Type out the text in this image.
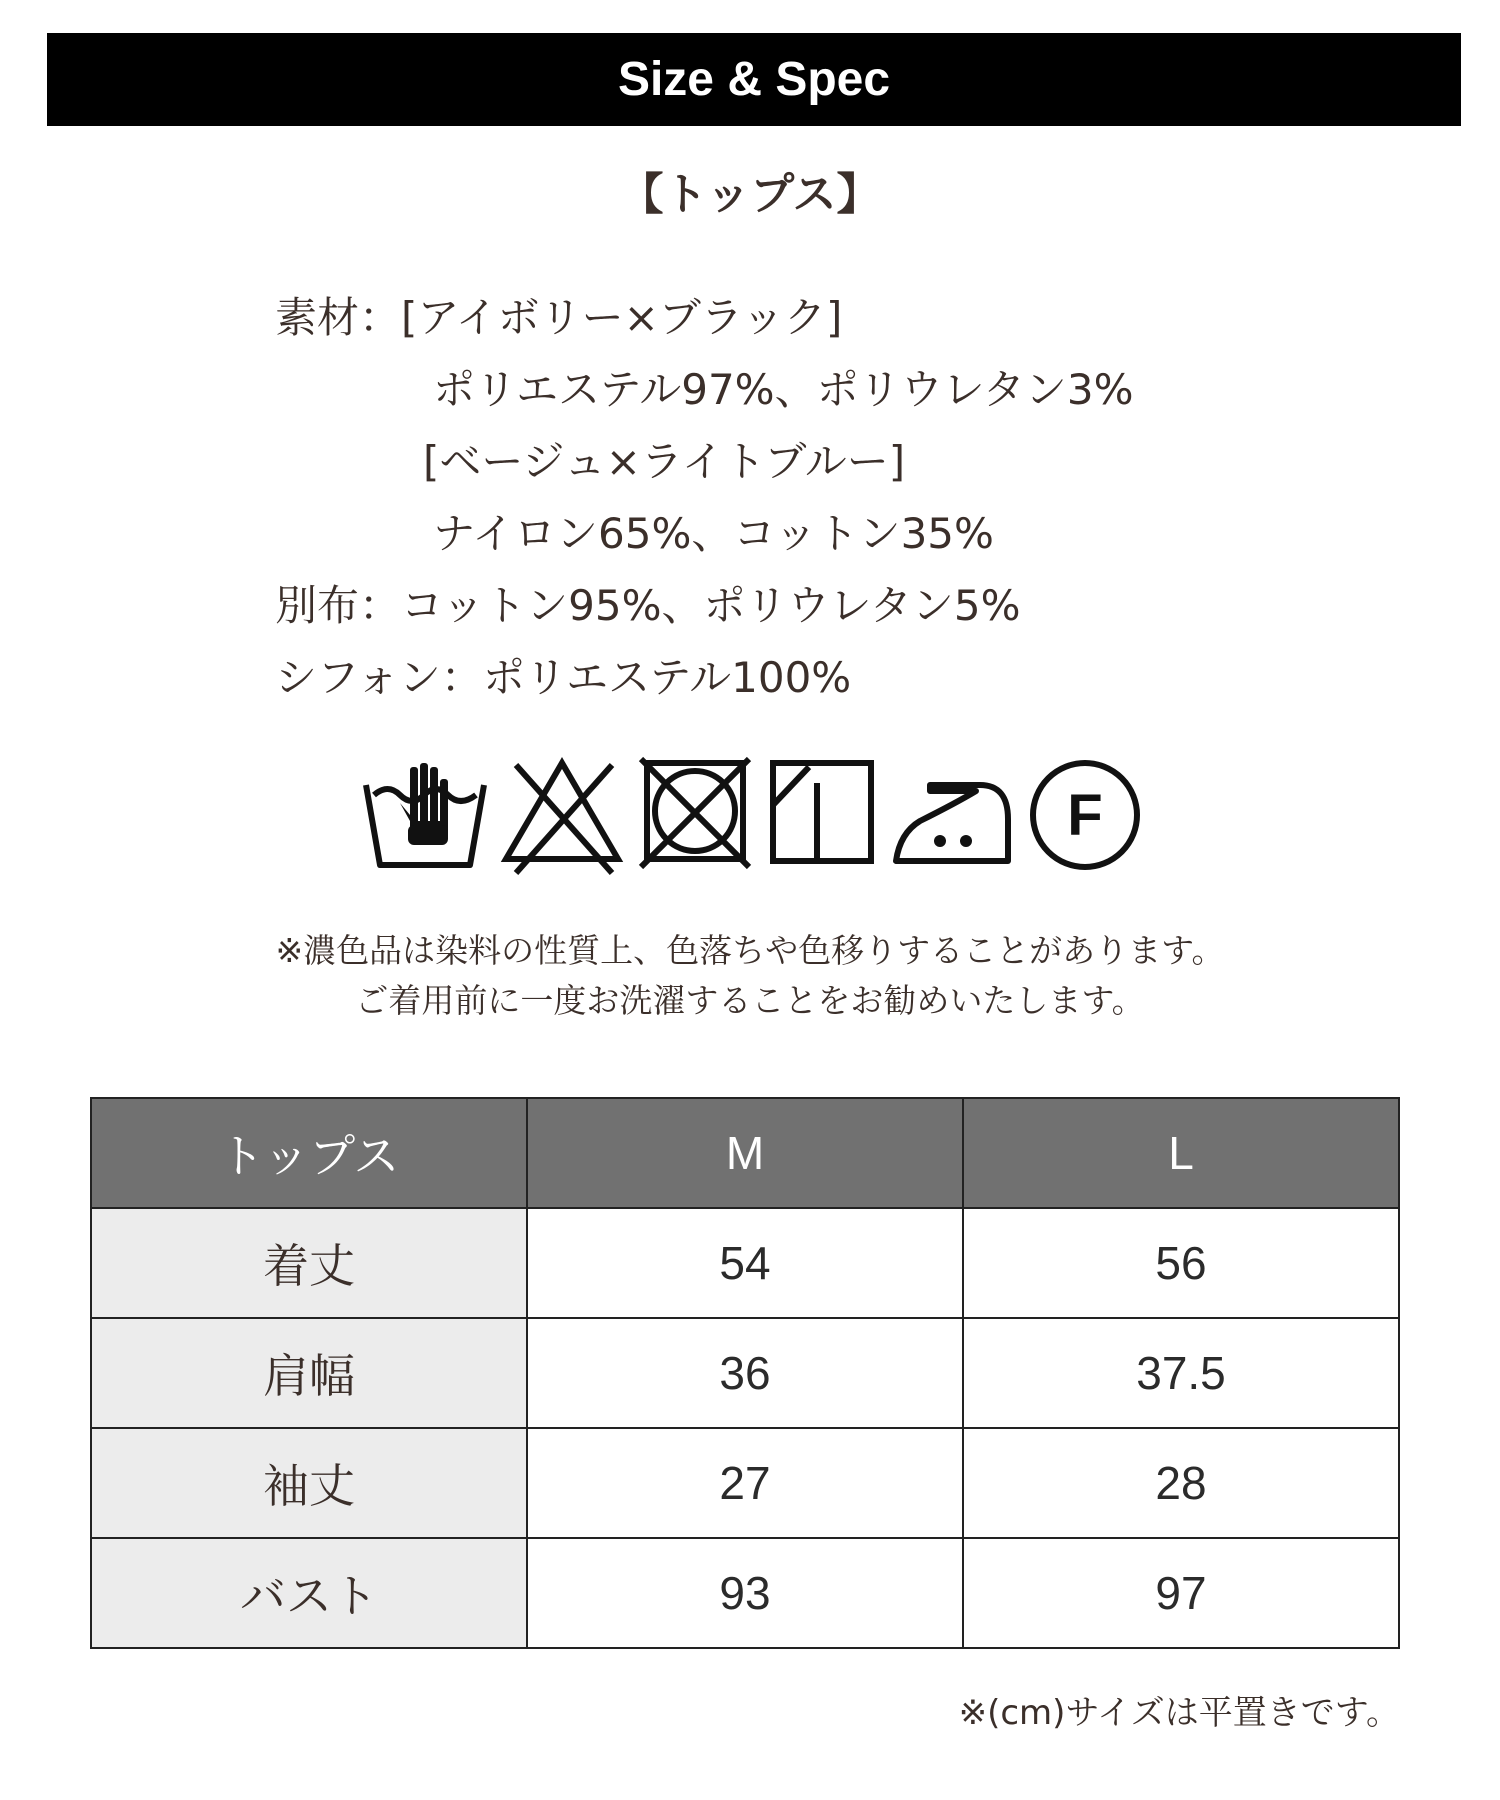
Size & Spec
【トップス】
素材： [アイボリー×ブラック]
ポリエステル97%、ポリウレタン3%
[ベージュ×ライトブルー]
ナイロン65%、コットン35%
別布： コットン95%、ポリウレタン5%
シフォン： ポリエステル100%
F
※濃色品は染料の性質上、色落ちや色移りすることがあります。
ご着用前に一度お洗濯することをお勧めいたします。
トップス	M	L
着丈	54	56
肩幅	36	37.5
袖丈	27	28
バスト	93	97
※(cm)サイズは平置きです。
